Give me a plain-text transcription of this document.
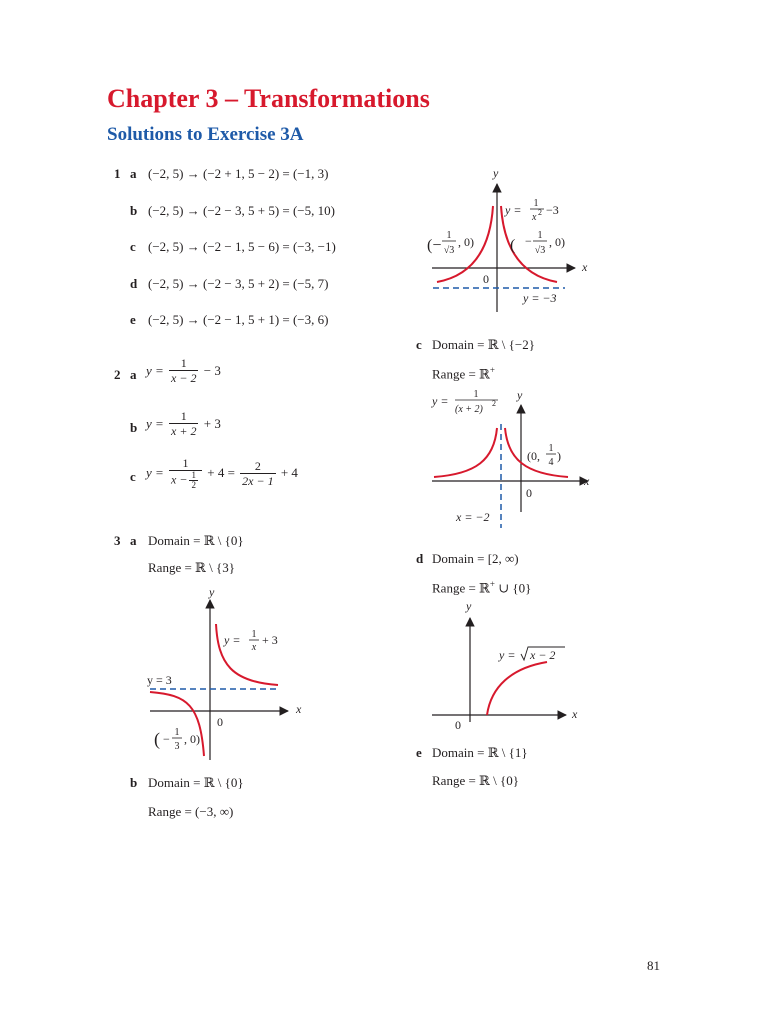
Chapter 3 – Transformations
Solutions to Exercise 3A
1 a (−2, 5) → (−2 + 1, 5 − 2) = (−1, 3)
b (−2, 5) → (−2 − 3, 5 + 5) = (−5, 10)
c (−2, 5) → (−2 − 1, 5 − 6) = (−3, −1)
d (−2, 5) → (−2 − 3, 5 + 2) = (−5, 7)
e (−2, 5) → (−2 − 1, 5 + 1) = (−3, 6)
2 a $y = \frac{1}{x - 2} - 3$
b $y = \frac{1}{x + 2} + 3$
c $y = \frac{1}{x - \frac{1}{2}} + 4 = \frac{2}{2x - 1} + 4$
3 a Domain = ℝ \ {0}
Range = ℝ \ {3}
y
x
0
y = 3
y = 1
x
+ 3
( − 1
3
, 0)
b Domain = ℝ \ {0}
Range = (−3, ∞)
y
x
0
y = −3
y = 1
x 2 −3
(−
1
√3
, 0) ( − 1
√3
, 0)
c Domain = ℝ \ {−2}
Range = ℝ+
y
x
0
x = −2
y =	1
(x + 2)
2
(0,
1
4 )
d Domain = [2, ∞)
Range = ℝ+ ∪ {0}
y
x
0
y = x − 2
e Domain = ℝ \ {1}
Range = ℝ \ {0}
81
